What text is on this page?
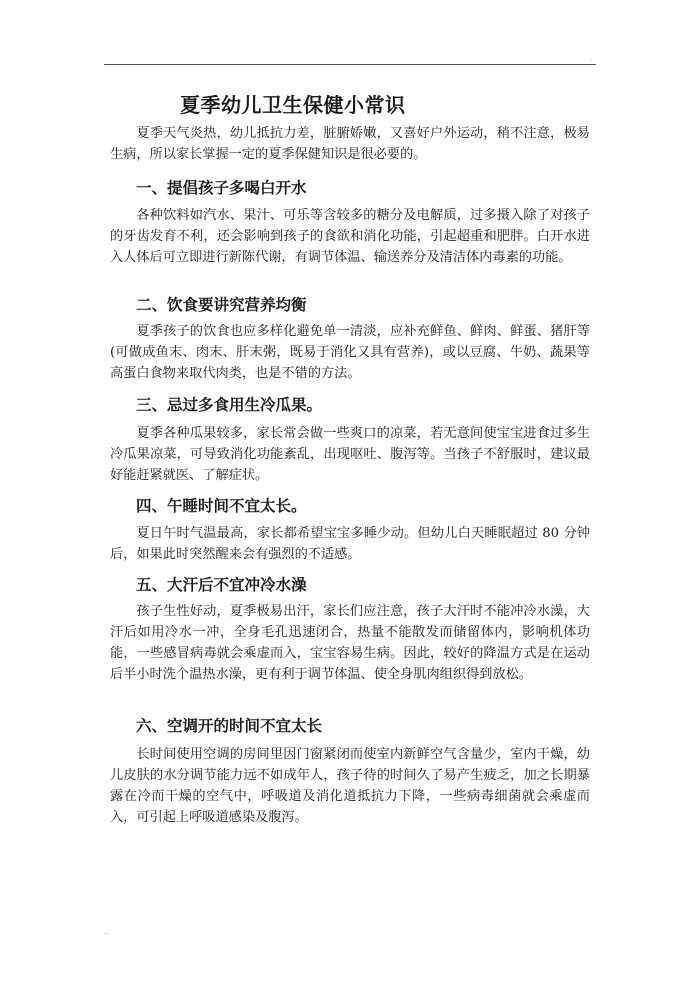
·
夏季幼儿卫生保健小常识

夏季天气炎热，幼儿抵抗力差，脏腑娇嫩，又喜好户外运动，稍不注意，极易生病，所以家长掌握一定的夏季保健知识是很必要的。

一、提倡孩子多喝白开水

各种饮料如汽水、果汁、可乐等含较多的糖分及电解质，过多摄入除了对孩子的牙齿发育不利，还会影响到孩子的食欲和消化功能，引起超重和肥胖。白开水进入人体后可立即进行新陈代谢，有调节体温、输送养分及清洁体内毒素的功能。

二、饮食要讲究营养均衡

夏季孩子的饮食也应多样化避免单一清淡，应补充鲜鱼、鲜肉、鲜蛋、猪肝等(可做成鱼末、肉末、肝末粥，既易于消化又具有营养)，或以豆腐、牛奶、蔬果等高蛋白食物来取代肉类，也是不错的方法。

三、忌过多食用生冷瓜果。

夏季各种瓜果较多，家长常会做一些爽口的凉菜，若无意间使宝宝进食过多生冷瓜果凉菜，可导致消化功能紊乱，出现呕吐、腹泻等。当孩子不舒服时，建议最好能赶紧就医、了解症状。

四、午睡时间不宜太长。

夏日午时气温最高，家长都希望宝宝多睡少动。但幼儿白天睡眠超过 80 分钟后，如果此时突然醒来会有强烈的不适感。

五、大汗后不宜冲冷水澡

孩子生性好动，夏季极易出汗，家长们应注意，孩子大汗时不能冲冷水澡，大汗后如用冷水一冲，全身毛孔迅速闭合，热量不能散发而储留体内，影响机体功能，一些感冒病毒就会乘虚而入，宝宝容易生病。因此，较好的降温方式是在运动后半小时洗个温热水澡，更有利于调节体温、使全身肌肉组织得到放松。

六、空调开的时间不宜太长

长时间使用空调的房间里因门窗紧闭而使室内新鲜空气含量少，室内干燥，幼儿皮肤的水分调节能力远不如成年人，孩子待的时间久了易产生疲乏，加之长期暴露在冷而干燥的空气中，呼吸道及消化道抵抗力下降，一些病毒细菌就会乘虚而入，可引起上呼吸道感染及腹泻。

··
